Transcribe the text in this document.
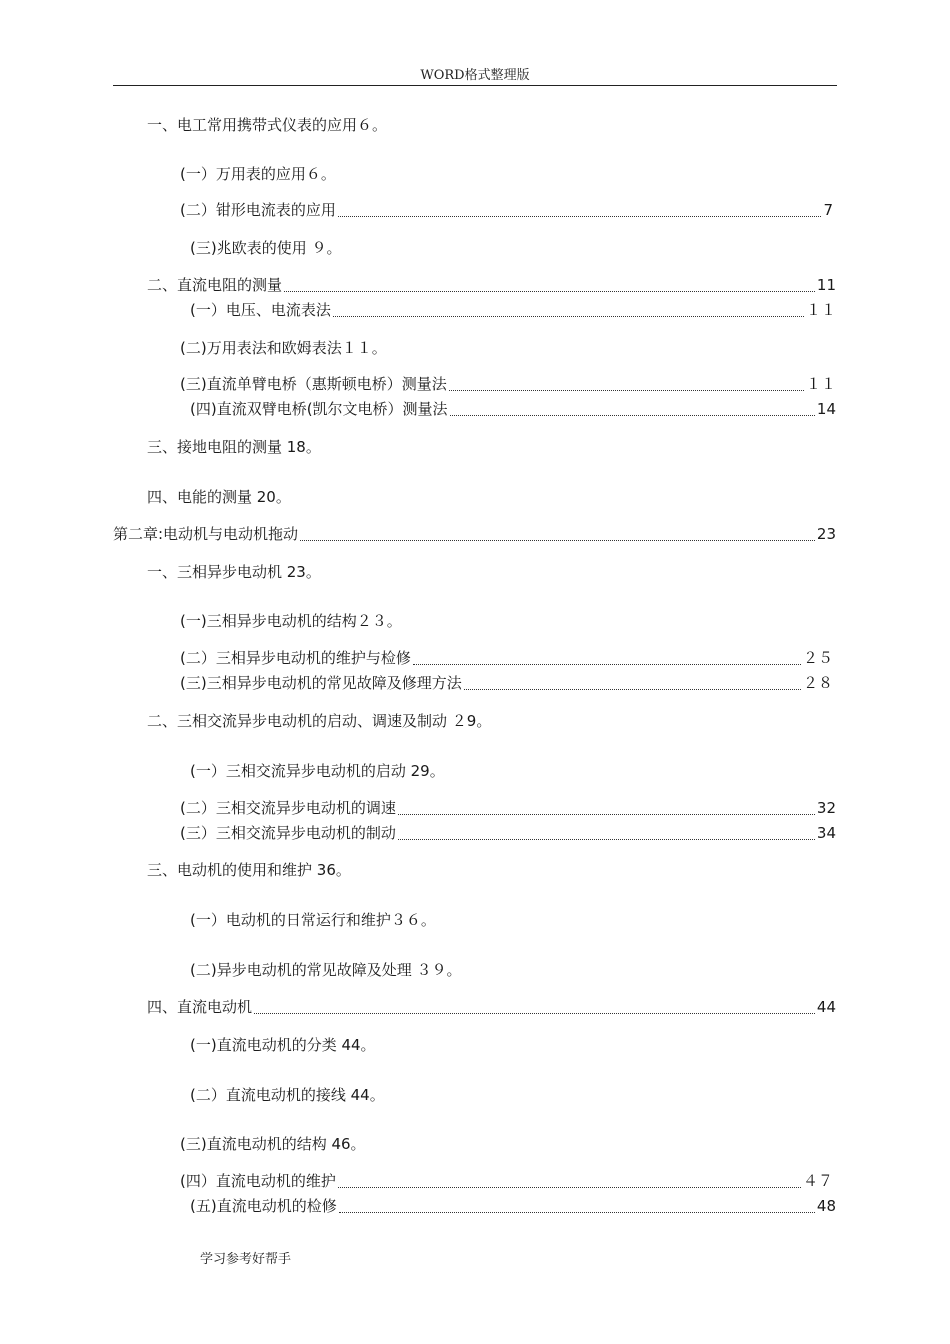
WORD格式整理版
一、电工常用携带式仪表的应用６。
(一）万用表的应用６。
(二）钳形电流表的应用	7
(三)兆欧表的使用 ９。
二、直流电阻的测量	11
(一）电压、电流表法	１１
(二)万用表法和欧姆表法１１。
(三)直流单臂电桥（惠斯顿电桥）测量法	１１
(四)直流双臂电桥(凯尔文电桥）测量法	14
三、接地电阻的测量 18。
四、电能的测量 20。
第二章:电动机与电动机拖动	23
一、三相异步电动机 23。
(一)三相异步电动机的结构２３。
(二）三相异步电动机的维护与检修	２５
(三)三相异步电动机的常见故障及修理方法	２８
二、三相交流异步电动机的启动、调速及制动 ２9。
(一）三相交流异步电动机的启动 29。
(二）三相交流异步电动机的调速	32
(三）三相交流异步电动机的制动	34
三、电动机的使用和维护 36。
(一）电动机的日常运行和维护３６。
(二)异步电动机的常见故障及处理 ３９。
四、直流电动机	44
(一)直流电动机的分类 44。
(二）直流电动机的接线 44。
(三)直流电动机的结构 46。
(四）直流电动机的维护	４７
(五)直流电动机的检修	48
学习参考好帮手
